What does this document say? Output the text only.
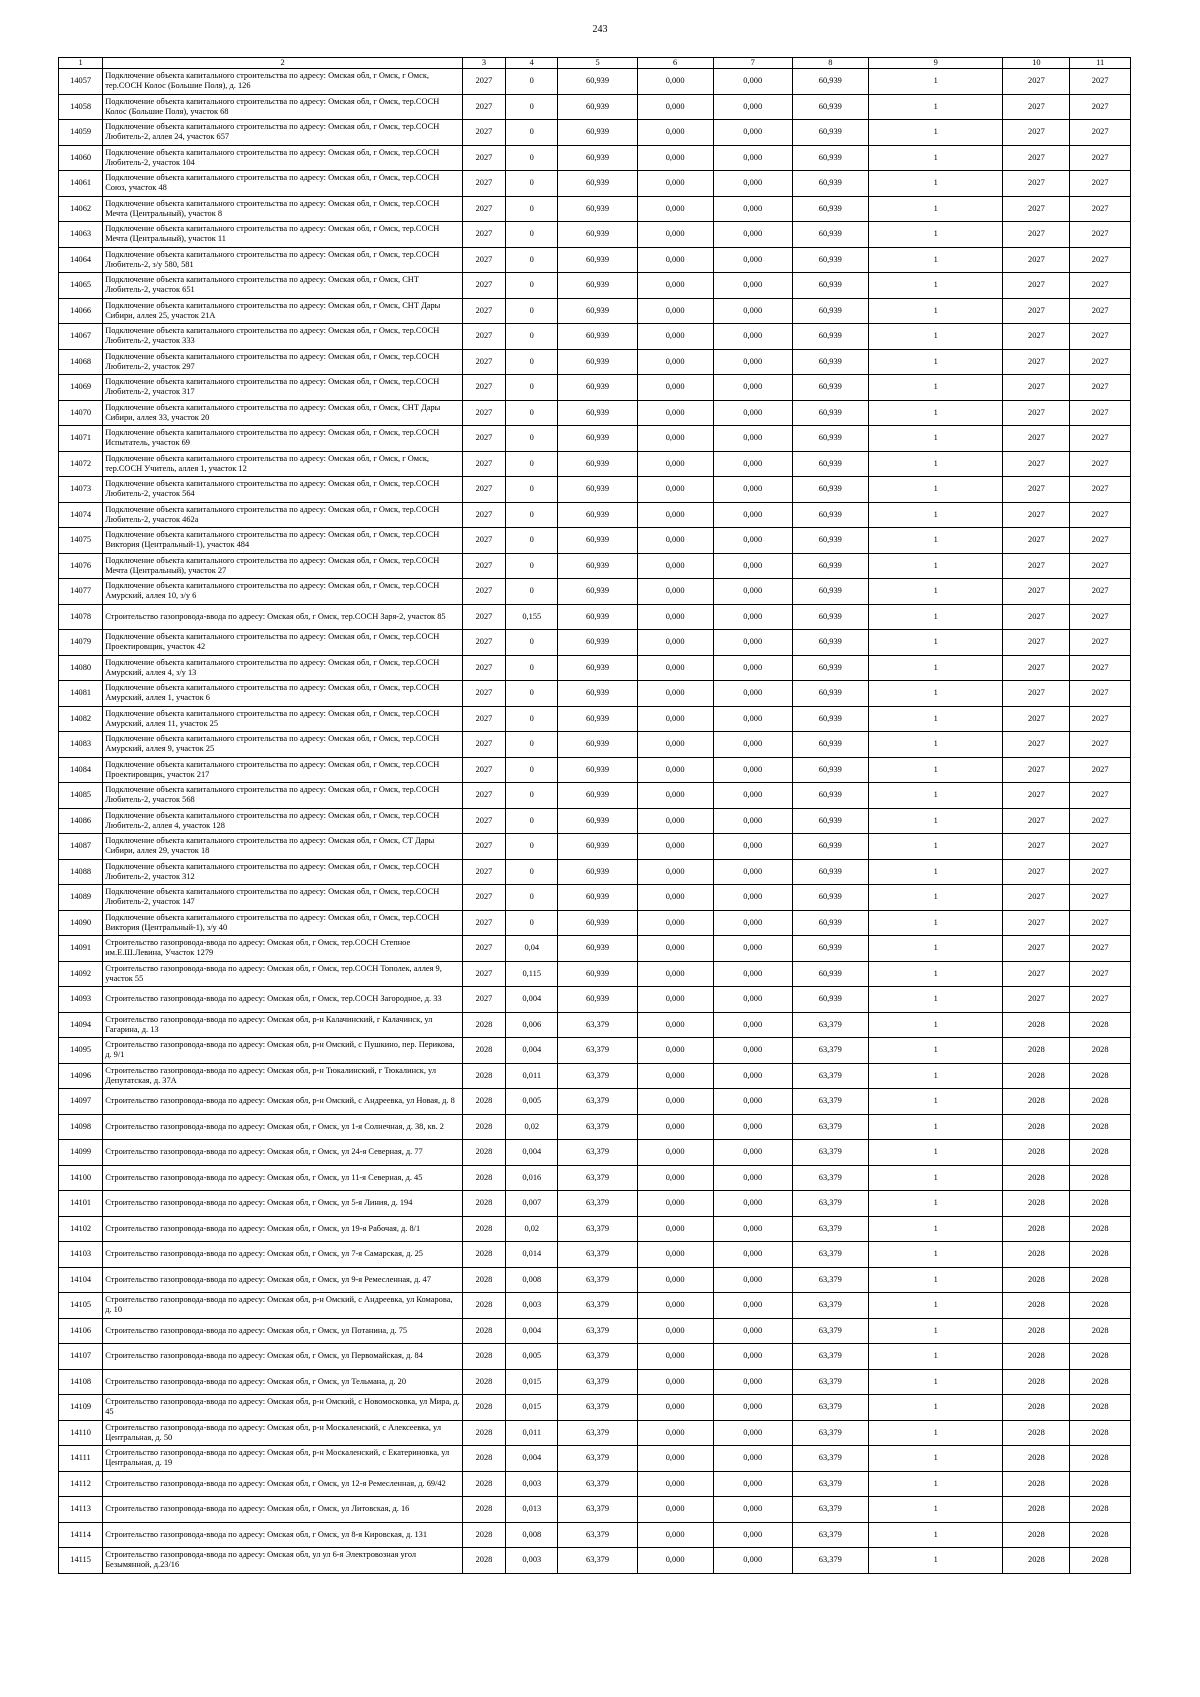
243
1	2	3	4	5	6	7	8	9	10	11
14057	Подключение объекта капитального строительства по адресу: Омская обл, г Омск, г Омск, тер.СОСН Колос (Большие Поля), д. 126	2027	0	60,939	0,000	0,000	60,939	1	2027	2027
14058	Подключение объекта капитального строительства по адресу: Омская обл, г Омск, тер.СОСН Колос (Большие Поля), участок 68	2027	0	60,939	0,000	0,000	60,939	1	2027	2027
14059	Подключение объекта капитального строительства по адресу: Омская обл, г Омск, тер.СОСН Любитель-2, аллея 24, участок 657	2027	0	60,939	0,000	0,000	60,939	1	2027	2027
14060	Подключение объекта капитального строительства по адресу: Омская обл, г Омск, тер.СОСН Любитель-2, участок 104	2027	0	60,939	0,000	0,000	60,939	1	2027	2027
14061	Подключение объекта капитального строительства по адресу: Омская обл, г Омск, тер.СОСН Союз, участок 48	2027	0	60,939	0,000	0,000	60,939	1	2027	2027
14062	Подключение объекта капитального строительства по адресу: Омская обл, г Омск, тер.СОСН Мечта (Центральный), участок 8	2027	0	60,939	0,000	0,000	60,939	1	2027	2027
14063	Подключение объекта капитального строительства по адресу: Омская обл, г Омск, тер.СОСН Мечта (Центральный), участок 11	2027	0	60,939	0,000	0,000	60,939	1	2027	2027
14064	Подключение объекта капитального строительства по адресу: Омская обл, г Омск, тер.СОСН Любитель-2, з/у 580, 581	2027	0	60,939	0,000	0,000	60,939	1	2027	2027
14065	Подключение объекта капитального строительства по адресу: Омская обл, г Омск, СНТ Любитель-2, участок 651	2027	0	60,939	0,000	0,000	60,939	1	2027	2027
14066	Подключение объекта капитального строительства по адресу: Омская обл, г Омск, СНТ Дары Сибири, аллея 25, участок 21А	2027	0	60,939	0,000	0,000	60,939	1	2027	2027
14067	Подключение объекта капитального строительства по адресу: Омская обл, г Омск, тер.СОСН Любитель-2, участок 333	2027	0	60,939	0,000	0,000	60,939	1	2027	2027
14068	Подключение объекта капитального строительства по адресу: Омская обл, г Омск, тер.СОСН Любитель-2, участок 297	2027	0	60,939	0,000	0,000	60,939	1	2027	2027
14069	Подключение объекта капитального строительства по адресу: Омская обл, г Омск, тер.СОСН Любитель-2, участок 317	2027	0	60,939	0,000	0,000	60,939	1	2027	2027
14070	Подключение объекта капитального строительства по адресу: Омская обл, г Омск, СНТ Дары Сибири, аллея 33, участок 20	2027	0	60,939	0,000	0,000	60,939	1	2027	2027
14071	Подключение объекта капитального строительства по адресу: Омская обл, г Омск, тер.СОСН Испытатель, участок 69	2027	0	60,939	0,000	0,000	60,939	1	2027	2027
14072	Подключение объекта капитального строительства по адресу: Омская обл, г Омск, г Омск, тер.СОСН Учитель, аллея 1, участок 12	2027	0	60,939	0,000	0,000	60,939	1	2027	2027
14073	Подключение объекта капитального строительства по адресу: Омская обл, г Омск, тер.СОСН Любитель-2, участок 564	2027	0	60,939	0,000	0,000	60,939	1	2027	2027
14074	Подключение объекта капитального строительства по адресу: Омская обл, г Омск, тер.СОСН Любитель-2, участок 462а	2027	0	60,939	0,000	0,000	60,939	1	2027	2027
14075	Подключение объекта капитального строительства по адресу: Омская обл, г Омск, тер.СОСН Виктория (Центральный-1), участок 484	2027	0	60,939	0,000	0,000	60,939	1	2027	2027
14076	Подключение объекта капитального строительства по адресу: Омская обл, г Омск, тер.СОСН Мечта (Центральный), участок 27	2027	0	60,939	0,000	0,000	60,939	1	2027	2027
14077	Подключение объекта капитального строительства по адресу: Омская обл, г Омск, тер.СОСН Амурский, аллея 10, з/у 6	2027	0	60,939	0,000	0,000	60,939	1	2027	2027
14078	Строительство газопровода-ввода по адресу: Омская обл, г Омск, тер.СОСН Заря-2, участок 85	2027	0,155	60,939	0,000	0,000	60,939	1	2027	2027
14079	Подключение объекта капитального строительства по адресу: Омская обл, г Омск, тер.СОСН Проектировщик, участок 42	2027	0	60,939	0,000	0,000	60,939	1	2027	2027
14080	Подключение объекта капитального строительства по адресу: Омская обл, г Омск, тер.СОСН Амурский, аллея 4, з/у 13	2027	0	60,939	0,000	0,000	60,939	1	2027	2027
14081	Подключение объекта капитального строительства по адресу: Омская обл, г Омск, тер.СОСН Амурский, аллея 1, участок 6	2027	0	60,939	0,000	0,000	60,939	1	2027	2027
14082	Подключение объекта капитального строительства по адресу: Омская обл, г Омск, тер.СОСН Амурский, аллея 11, участок 25	2027	0	60,939	0,000	0,000	60,939	1	2027	2027
14083	Подключение объекта капитального строительства по адресу: Омская обл, г Омск, тер.СОСН Амурский, аллея 9, участок 25	2027	0	60,939	0,000	0,000	60,939	1	2027	2027
14084	Подключение объекта капитального строительства по адресу: Омская обл, г Омск, тер.СОСН Проектировщик, участок 217	2027	0	60,939	0,000	0,000	60,939	1	2027	2027
14085	Подключение объекта капитального строительства по адресу: Омская обл, г Омск, тер.СОСН Любитель-2, участок 568	2027	0	60,939	0,000	0,000	60,939	1	2027	2027
14086	Подключение объекта капитального строительства по адресу: Омская обл, г Омск, тер.СОСН Любитель-2, аллея 4, участок 128	2027	0	60,939	0,000	0,000	60,939	1	2027	2027
14087	Подключение объекта капитального строительства по адресу: Омская обл, г Омск, СТ Дары Сибири, аллея 29, участок 18	2027	0	60,939	0,000	0,000	60,939	1	2027	2027
14088	Подключение объекта капитального строительства по адресу: Омская обл, г Омск, тер.СОСН Любитель-2, участок 312	2027	0	60,939	0,000	0,000	60,939	1	2027	2027
14089	Подключение объекта капитального строительства по адресу: Омская обл, г Омск, тер.СОСН Любитель-2, участок 147	2027	0	60,939	0,000	0,000	60,939	1	2027	2027
14090	Подключение объекта капитального строительства по адресу: Омская обл, г Омск, тер.СОСН Виктория (Центральный-1), з/у 40	2027	0	60,939	0,000	0,000	60,939	1	2027	2027
14091	Строительство газопровода-ввода по адресу: Омская обл, г Омск, тер.СОСН Степное им.Е.Ш.Левина, Участок 1279	2027	0,04	60,939	0,000	0,000	60,939	1	2027	2027
14092	Строительство газопровода-ввода по адресу: Омская обл, г Омск, тер.СОСН Тополек, аллея 9, участок 55	2027	0,115	60,939	0,000	0,000	60,939	1	2027	2027
14093	Строительство газопровода-ввода по адресу: Омская обл, г Омск, тер.СОСН Загородное, д. 33	2027	0,004	60,939	0,000	0,000	60,939	1	2027	2027
14094	Строительство газопровода-ввода по адресу: Омская обл, р-н Калачинский, г Калачинск, ул Гагарина, д. 13	2028	0,006	63,379	0,000	0,000	63,379	1	2028	2028
14095	Строительство газопровода-ввода по адресу: Омская обл, р-н Омский, с Пушкино, пер. Перикова, д. 9/1	2028	0,004	63,379	0,000	0,000	63,379	1	2028	2028
14096	Строительство газопровода-ввода по адресу: Омская обл, р-н Тюкалинский, г Тюкалинск, ул Депутатская, д. 37А	2028	0,011	63,379	0,000	0,000	63,379	1	2028	2028
14097	Строительство газопровода-ввода по адресу: Омская обл, р-н Омский, с Андреевка, ул Новая, д. 8	2028	0,005	63,379	0,000	0,000	63,379	1	2028	2028
14098	Строительство газопровода-ввода по адресу: Омская обл, г Омск, ул 1-я Солнечная, д. 38, кв. 2	2028	0,02	63,379	0,000	0,000	63,379	1	2028	2028
14099	Строительство газопровода-ввода по адресу: Омская обл, г Омск, ул 24-я Северная, д. 77	2028	0,004	63,379	0,000	0,000	63,379	1	2028	2028
14100	Строительство газопровода-ввода по адресу: Омская обл, г Омск, ул 11-я Северная, д. 45	2028	0,016	63,379	0,000	0,000	63,379	1	2028	2028
14101	Строительство газопровода-ввода по адресу: Омская обл, г Омск, ул 5-я Линия, д. 194	2028	0,007	63,379	0,000	0,000	63,379	1	2028	2028
14102	Строительство газопровода-ввода по адресу: Омская обл, г Омск, ул 19-я Рабочая, д. 8/1	2028	0,02	63,379	0,000	0,000	63,379	1	2028	2028
14103	Строительство газопровода-ввода по адресу: Омская обл, г Омск, ул 7-я Самарская, д. 25	2028	0,014	63,379	0,000	0,000	63,379	1	2028	2028
14104	Строительство газопровода-ввода по адресу: Омская обл, г Омск, ул 9-я Ремесленная, д. 47	2028	0,008	63,379	0,000	0,000	63,379	1	2028	2028
14105	Строительство газопровода-ввода по адресу: Омская обл, р-н Омский, с Андреевка, ул Комарова, д. 10	2028	0,003	63,379	0,000	0,000	63,379	1	2028	2028
14106	Строительство газопровода-ввода по адресу: Омская обл, г Омск, ул Потанина, д. 75	2028	0,004	63,379	0,000	0,000	63,379	1	2028	2028
14107	Строительство газопровода-ввода по адресу: Омская обл, г Омск, ул Первомайская, д. 84	2028	0,005	63,379	0,000	0,000	63,379	1	2028	2028
14108	Строительство газопровода-ввода по адресу: Омская обл, г Омск, ул Тельмана, д. 20	2028	0,015	63,379	0,000	0,000	63,379	1	2028	2028
14109	Строительство газопровода-ввода по адресу: Омская обл, р-н Омский, с Новомосковка, ул Мира, д. 45	2028	0,015	63,379	0,000	0,000	63,379	1	2028	2028
14110	Строительство газопровода-ввода по адресу: Омская обл, р-н Москаленский, с Алексеевка, ул Центральная, д. 50	2028	0,011	63,379	0,000	0,000	63,379	1	2028	2028
14111	Строительство газопровода-ввода по адресу: Омская обл, р-н Москаленский, с Екатериновка, ул Центральная, д. 19	2028	0,004	63,379	0,000	0,000	63,379	1	2028	2028
14112	Строительство газопровода-ввода по адресу: Омская обл, г Омск, ул 12-я Ремесленная, д. 69/42	2028	0,003	63,379	0,000	0,000	63,379	1	2028	2028
14113	Строительство газопровода-ввода по адресу: Омская обл, г Омск, ул Литовская, д. 16	2028	0,013	63,379	0,000	0,000	63,379	1	2028	2028
14114	Строительство газопровода-ввода по адресу: Омская обл, г Омск, ул 8-я Кировская, д. 131	2028	0,008	63,379	0,000	0,000	63,379	1	2028	2028
14115	Строительство газопровода-ввода по адресу: Омская обл, ул ул 6-я Электровозная угол Безымянной, д.23/16	2028	0,003	63,379	0,000	0,000	63,379	1	2028	2028
